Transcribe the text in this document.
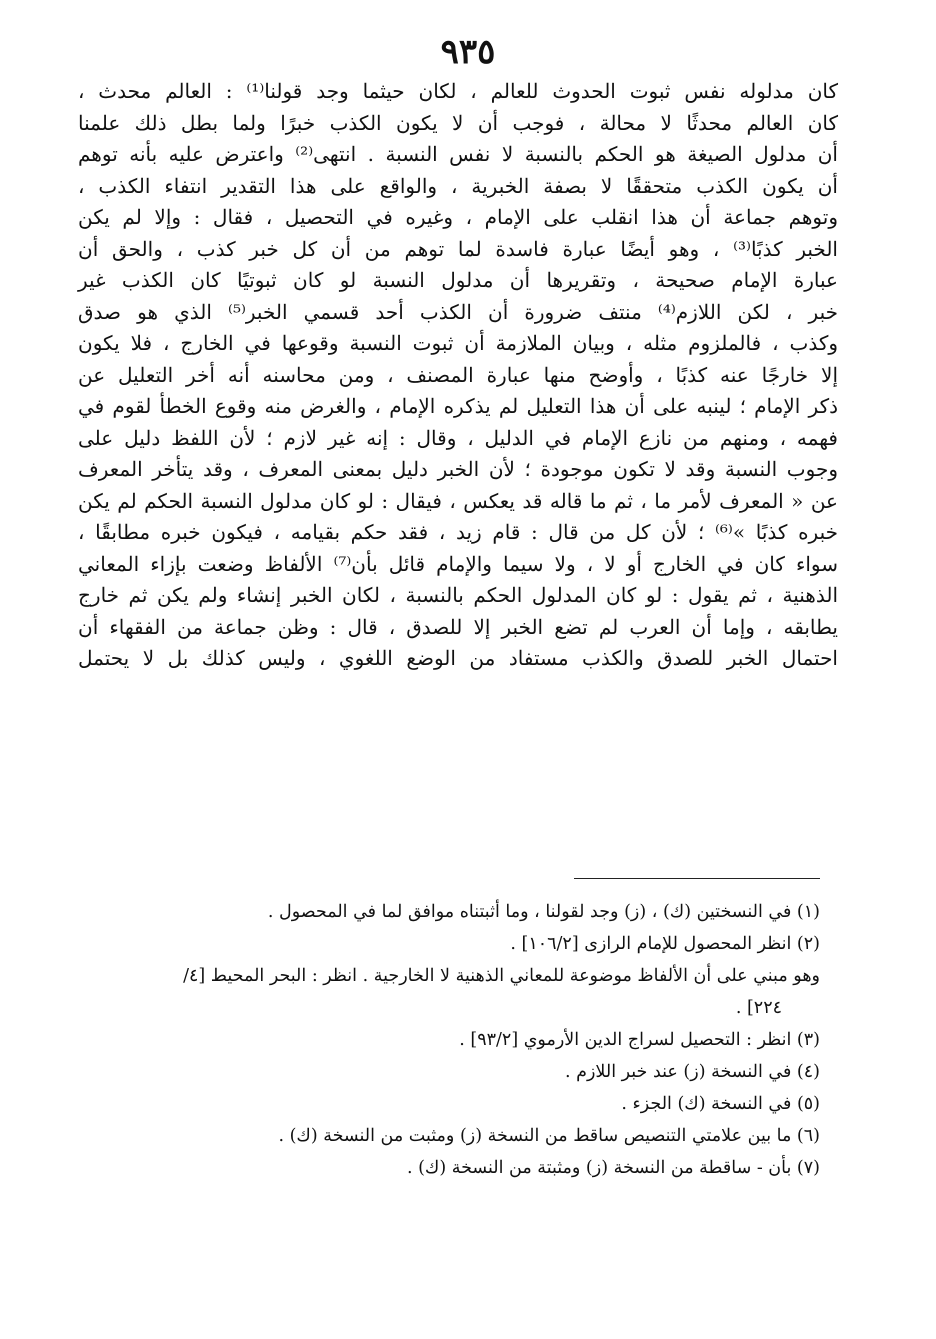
٩٣٥
كان مدلوله نفس ثبوت الحدوث للعالم ، لكان حيثما وجد قولنا⁽¹⁾ : العالم محدث ،
كان العالم محدثًا لا محالة ، فوجب أن لا يكون الكذب خبرًا ولما بطل ذلك علمنا
أن مدلول الصيغة هو الحكم بالنسبة لا نفس النسبة . انتهى⁽²⁾ واعترض عليه بأنه توهم
أن يكون الكذب متحققًا لا بصفة الخبرية ، والواقع على هذا التقدير انتفاء الكذب ،
وتوهم جماعة أن هذا انقلب على الإمام ، وغيره في التحصيل ، فقال : وإلا لم يكن
الخبر كذبًا⁽³⁾ ، وهو أيضًا عبارة فاسدة لما توهم من أن كل خبر كذب ، والحق أن
عبارة الإمام صحيحة ، وتقريرها أن مدلول النسبة لو كان ثبوتيًا كان الكذب غير
خبر ، لكن اللازم⁽⁴⁾ منتف ضرورة أن الكذب أحد قسمي الخبر⁽⁵⁾ الذي هو صدق
وكذب ، فالملزوم مثله ، وبيان الملازمة أن ثبوت النسبة وقوعها في الخارج ، فلا يكون
إلا خارجًا عنه كذبًا ، وأوضح منها عبارة المصنف ، ومن محاسنه أنه أخر التعليل عن
ذكر الإمام ؛ لينبه على أن هذا التعليل لم يذكره الإمام ، والغرض منه وقوع الخطأ لقوم في
فهمه ، ومنهم من نازع الإمام في الدليل ، وقال : إنه غير لازم ؛ لأن اللفظ دليل على
وجوب النسبة وقد لا تكون موجودة ؛ لأن الخبر دليل بمعنى المعرف ، وقد يتأخر المعرف
عن « المعرف لأمر ما ، ثم ما قاله قد يعكس ، فيقال : لو كان مدلول النسبة الحكم لم يكن
خبره كذبًا »⁽⁶⁾ ؛ لأن كل من قال : قام زيد ، فقد حكم بقيامه ، فيكون خبره مطابقًا ،
سواء كان في الخارج أو لا ، ولا سيما والإمام قائل بأن⁽⁷⁾ الألفاظ وضعت بإزاء المعاني
الذهنية ، ثم يقول : لو كان المدلول الحكم بالنسبة ، لكان الخبر إنشاء ولم يكن ثم خارج
يطابقه ، وإما أن العرب لم تضع الخبر إلا للصدق ، قال : وظن جماعة من الفقهاء أن
احتمال الخبر للصدق والكذب مستفاد من الوضع اللغوي ، وليس كذلك بل لا يحتمل
(١) في النسختين (ك) ، (ز) وجد لقولنا ، وما أثبتناه موافق لما في المحصول .
(٢) انظر المحصول للإمام الرازى [١٠٦/٢] .
وهو مبني على أن الألفاظ موضوعة للمعاني الذهنية لا الخارجية . انظر : البحر المحيط [٤/
٢٢٤] .
(٣) انظر : التحصيل لسراج الدين الأرموي [٩٣/٢] .
(٤) في النسخة (ز) عند خبر اللازم .
(٥) في النسخة (ك) الجزء .
(٦) ما بين علامتي التنصيص ساقط من النسخة (ز) ومثبت من النسخة (ك) .
(٧) بأن - ساقطة من النسخة (ز) ومثبتة من النسخة (ك) .
